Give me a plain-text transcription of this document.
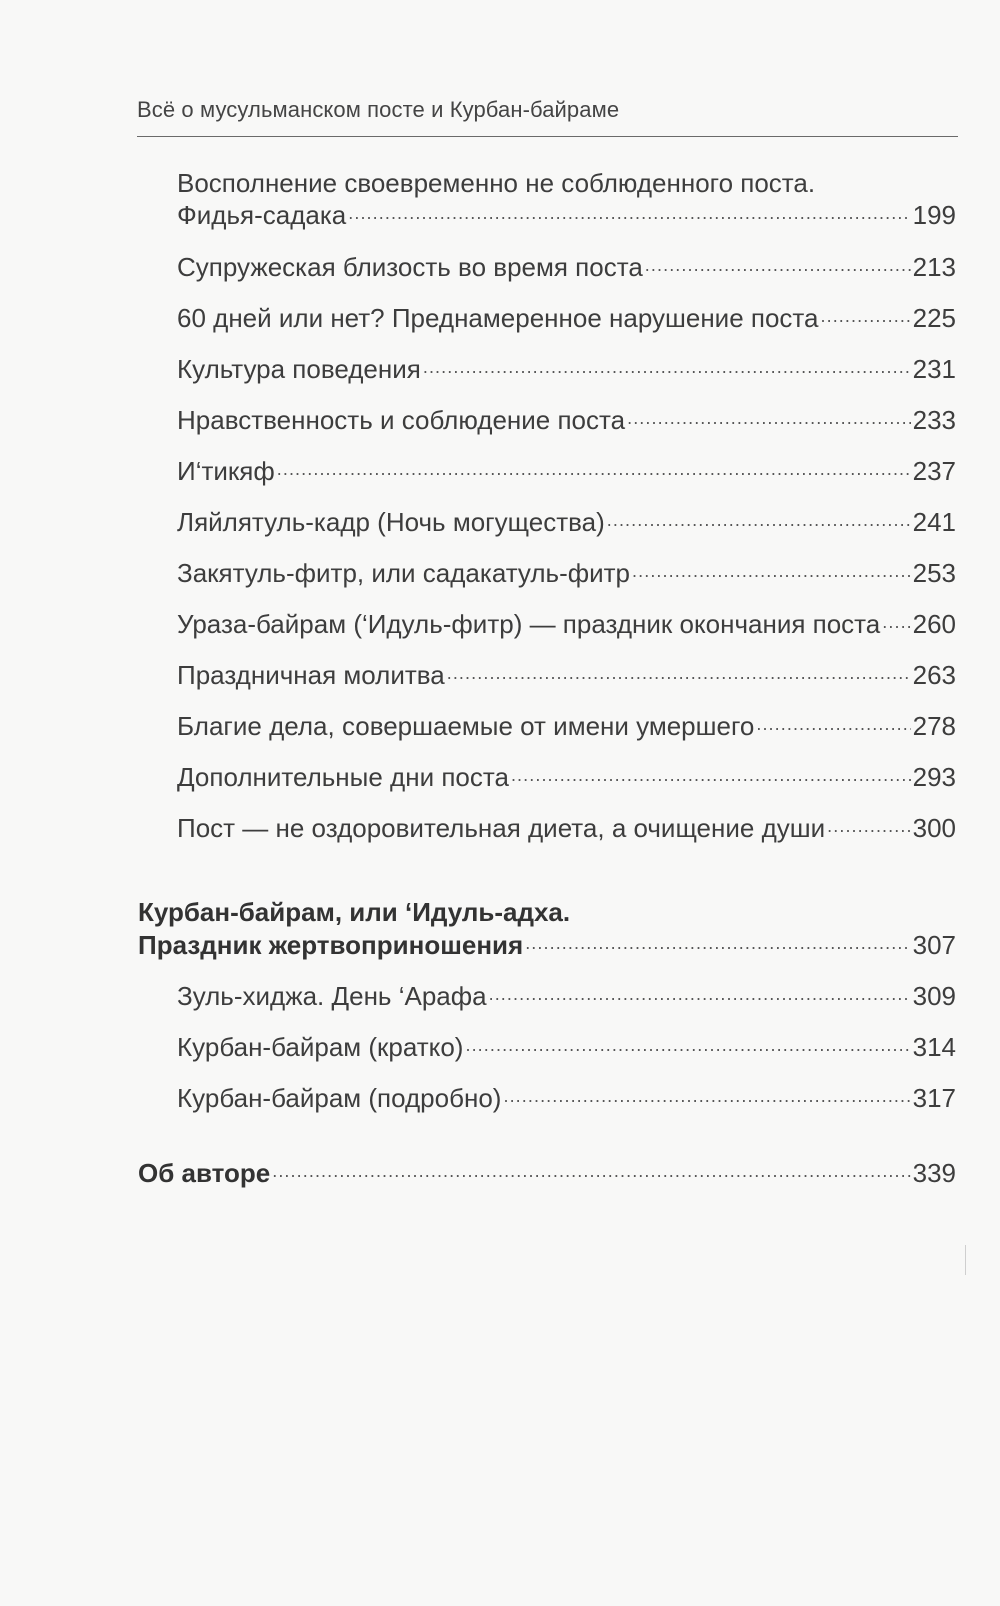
Всё о мусульманском посте и Курбан-байраме
Восполнение своевременно не соблюденного поста.
Фидья-садака .....	199
Супружеская близость во время поста .....	213
60 дней или нет? Преднамеренное нарушение поста .....	225
Культура поведения .....	231
Нравственность и соблюдение поста .....	233
И‘тикяф .....	237
Ляйлятуль-кадр (Ночь могущества) .....	241
Закятуль-фитр, или садакатуль-фитр .....	253
Ураза-байрам (‘Идуль-фитр) — праздник окончания поста ..... 260
Праздничная молитва .....	263
Благие дела, совершаемые от имени умершего .....	278
Дополнительные дни поста .....	293
Пост — не оздоровительная диета, а очищение души .....	300
Курбан-байрам, или ‘Идуль-адха.
Праздник жертвоприношения .....	307
Зуль-хиджа. День ‘Арафа .....	309
Курбан-байрам (кратко) .....	314
Курбан-байрам (подробно) .....	317
Об авторе .....	339
